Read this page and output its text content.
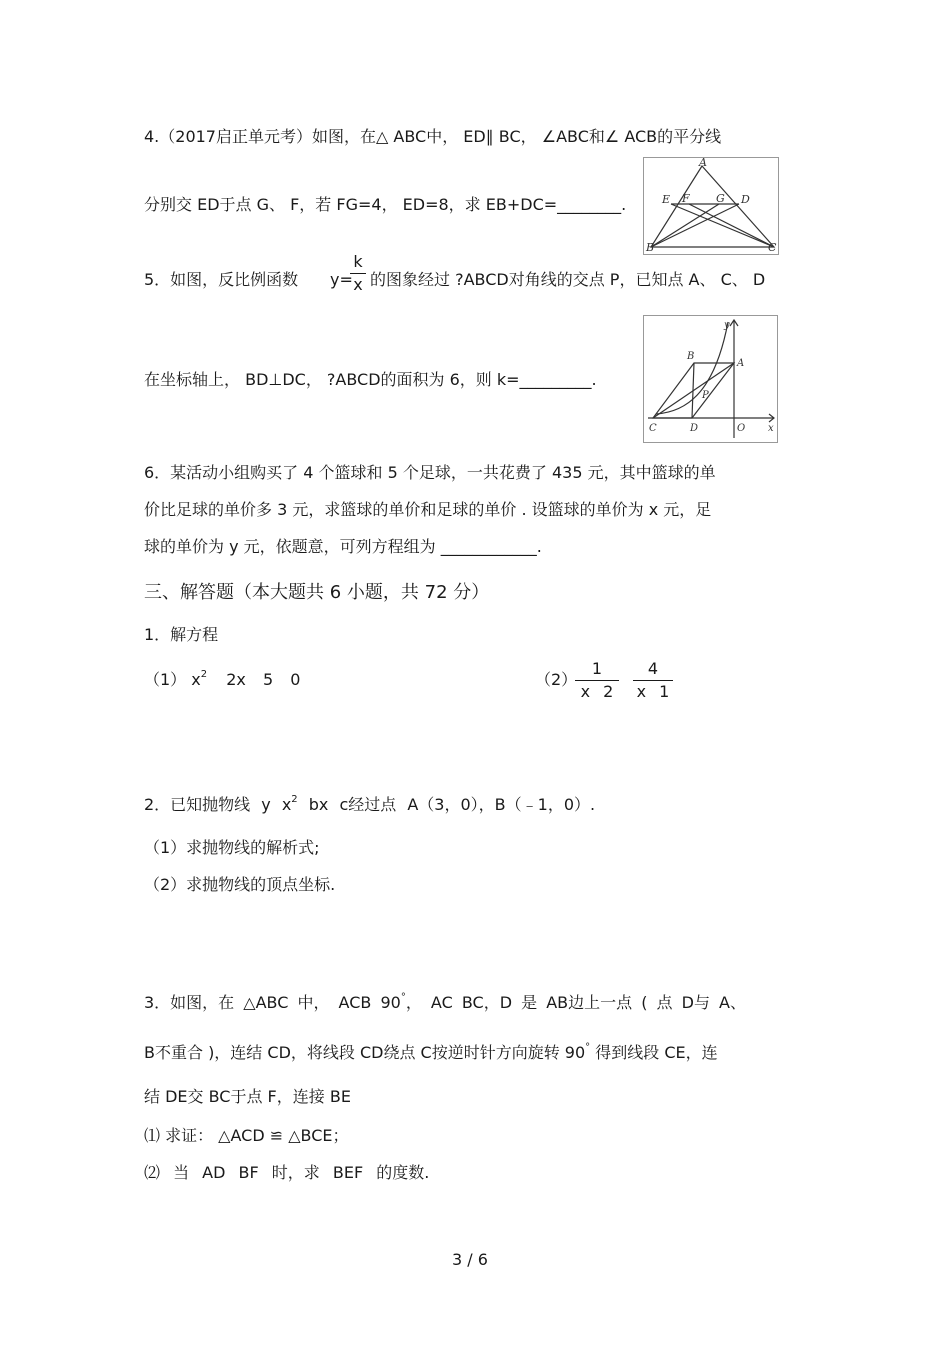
4.（2017启正单元考）如图，在△ ABC中， ED∥ BC， ∠ABC和∠ ACB的平分线
分别交 ED于点 G、 F，若 FG=4， ED=8，求 EB+DC=________.
A
E F G D
B	C
5．如图，反比例函数 y=
k
x 的图象经过 ?ABCD对角线的交点 P，已知点 A、 C、 D
在坐标轴上， BD⊥DC， ?ABCD的面积为 6，则 k=_________.
y
x
A
B
P
C	D	O
6．某活动小组购买了 4 个篮球和 5 个足球，一共花费了 435 元，其中篮球的单
价比足球的单价多 3 元，求篮球的单价和足球的单价 . 设篮球的单价为 x 元，足
球的单价为 y 元，依题意，可列方程组为 ____________.
三、解答题（本大题共 6 小题，共 72 分）
1．解方程
（1） $x^2$ 2x 5 0	（2）
1
x 2
4
x 1
2．已知抛物线 y $x^2$ bx c经过点 A（3，0），B（﹣1，0）.
（1）求抛物线的解析式;
（2）求抛物线的顶点坐标.
3．如图，在 △ABC 中， ACB 90°， AC BC，D 是 AB边上一点 ( 点 D与 A、
B不重合 )，连结 CD，将线段 CD绕点 C按逆时针方向旋转 90° 得到线段 CE，连
结 DE交 BC于点 F，连接 BE
⑴ 求证： △ACD ≌ △BCE；
⑵ 当 AD BF 时，求 BEF 的度数.
3 / 6
